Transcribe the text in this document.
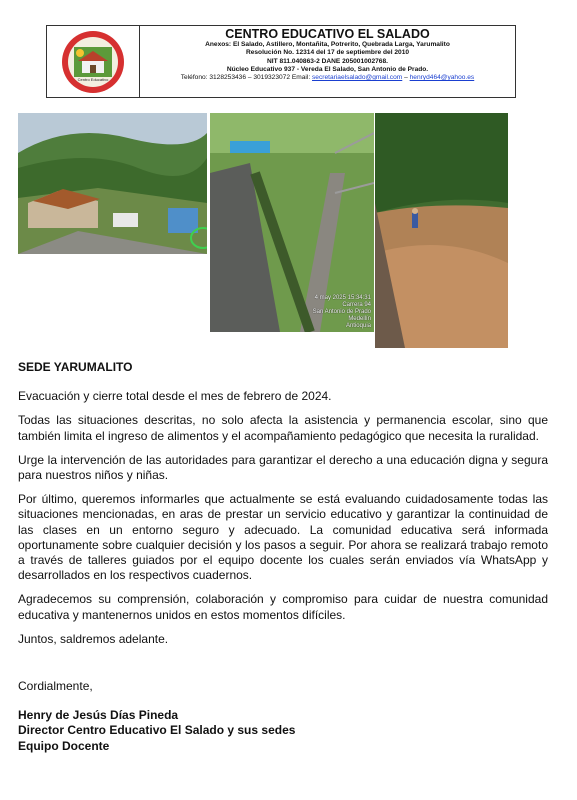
Centro Educativo
CENTRO EDUCATIVO EL SALADO
Anexos: El Salado, Astillero, Montañita, Potrerito, Quebrada Larga, Yarumalito
Resolución No. 12314 del 17 de septiembre del 2010
NIT 811.040863-2 DANE 205001002768.
Núcleo Educativo 937 - Vereda El Salado, San Antonio de Prado.
Teléfono: 3128253436 – 3019323072 Email: secretariaelsalado@gmail.com – henryd464@yahoo.es
4 may 2025 15:34:31
Carrera 94
San Antonio de Prado
Medellín
Antioquia

SEDE YARUMALITO

Evacuación y cierre total desde el mes de febrero de 2024.

Todas las situaciones descritas, no solo afecta la asistencia y permanencia escolar, sino que también limita el ingreso de alimentos y el acompañamiento pedagógico que necesita la ruralidad.

Urge la intervención de las autoridades para garantizar el derecho a una educación digna y segura para nuestros niños y niñas.

Por último, queremos informarles que actualmente se está evaluando cuidadosamente todas las situaciones mencionadas, en aras de prestar un servicio educativo y garantizar la continuidad de las clases en un entorno seguro y adecuado. La comunidad educativa será informada oportunamente sobre cualquier decisión y los pasos a seguir. Por ahora se realizará trabajo remoto a través de talleres guiados por el equipo docente los cuales serán enviados vía WhatsApp y desarrollados en los respectivos cuadernos.

Agradecemos su comprensión, colaboración y compromiso para cuidar de nuestra comunidad educativa y mantenernos unidos en estos momentos difíciles.

Juntos, saldremos adelante.

Cordialmente,

Henry de Jesús Días Pineda

Director Centro Educativo El Salado y sus sedes

Equipo Docente
